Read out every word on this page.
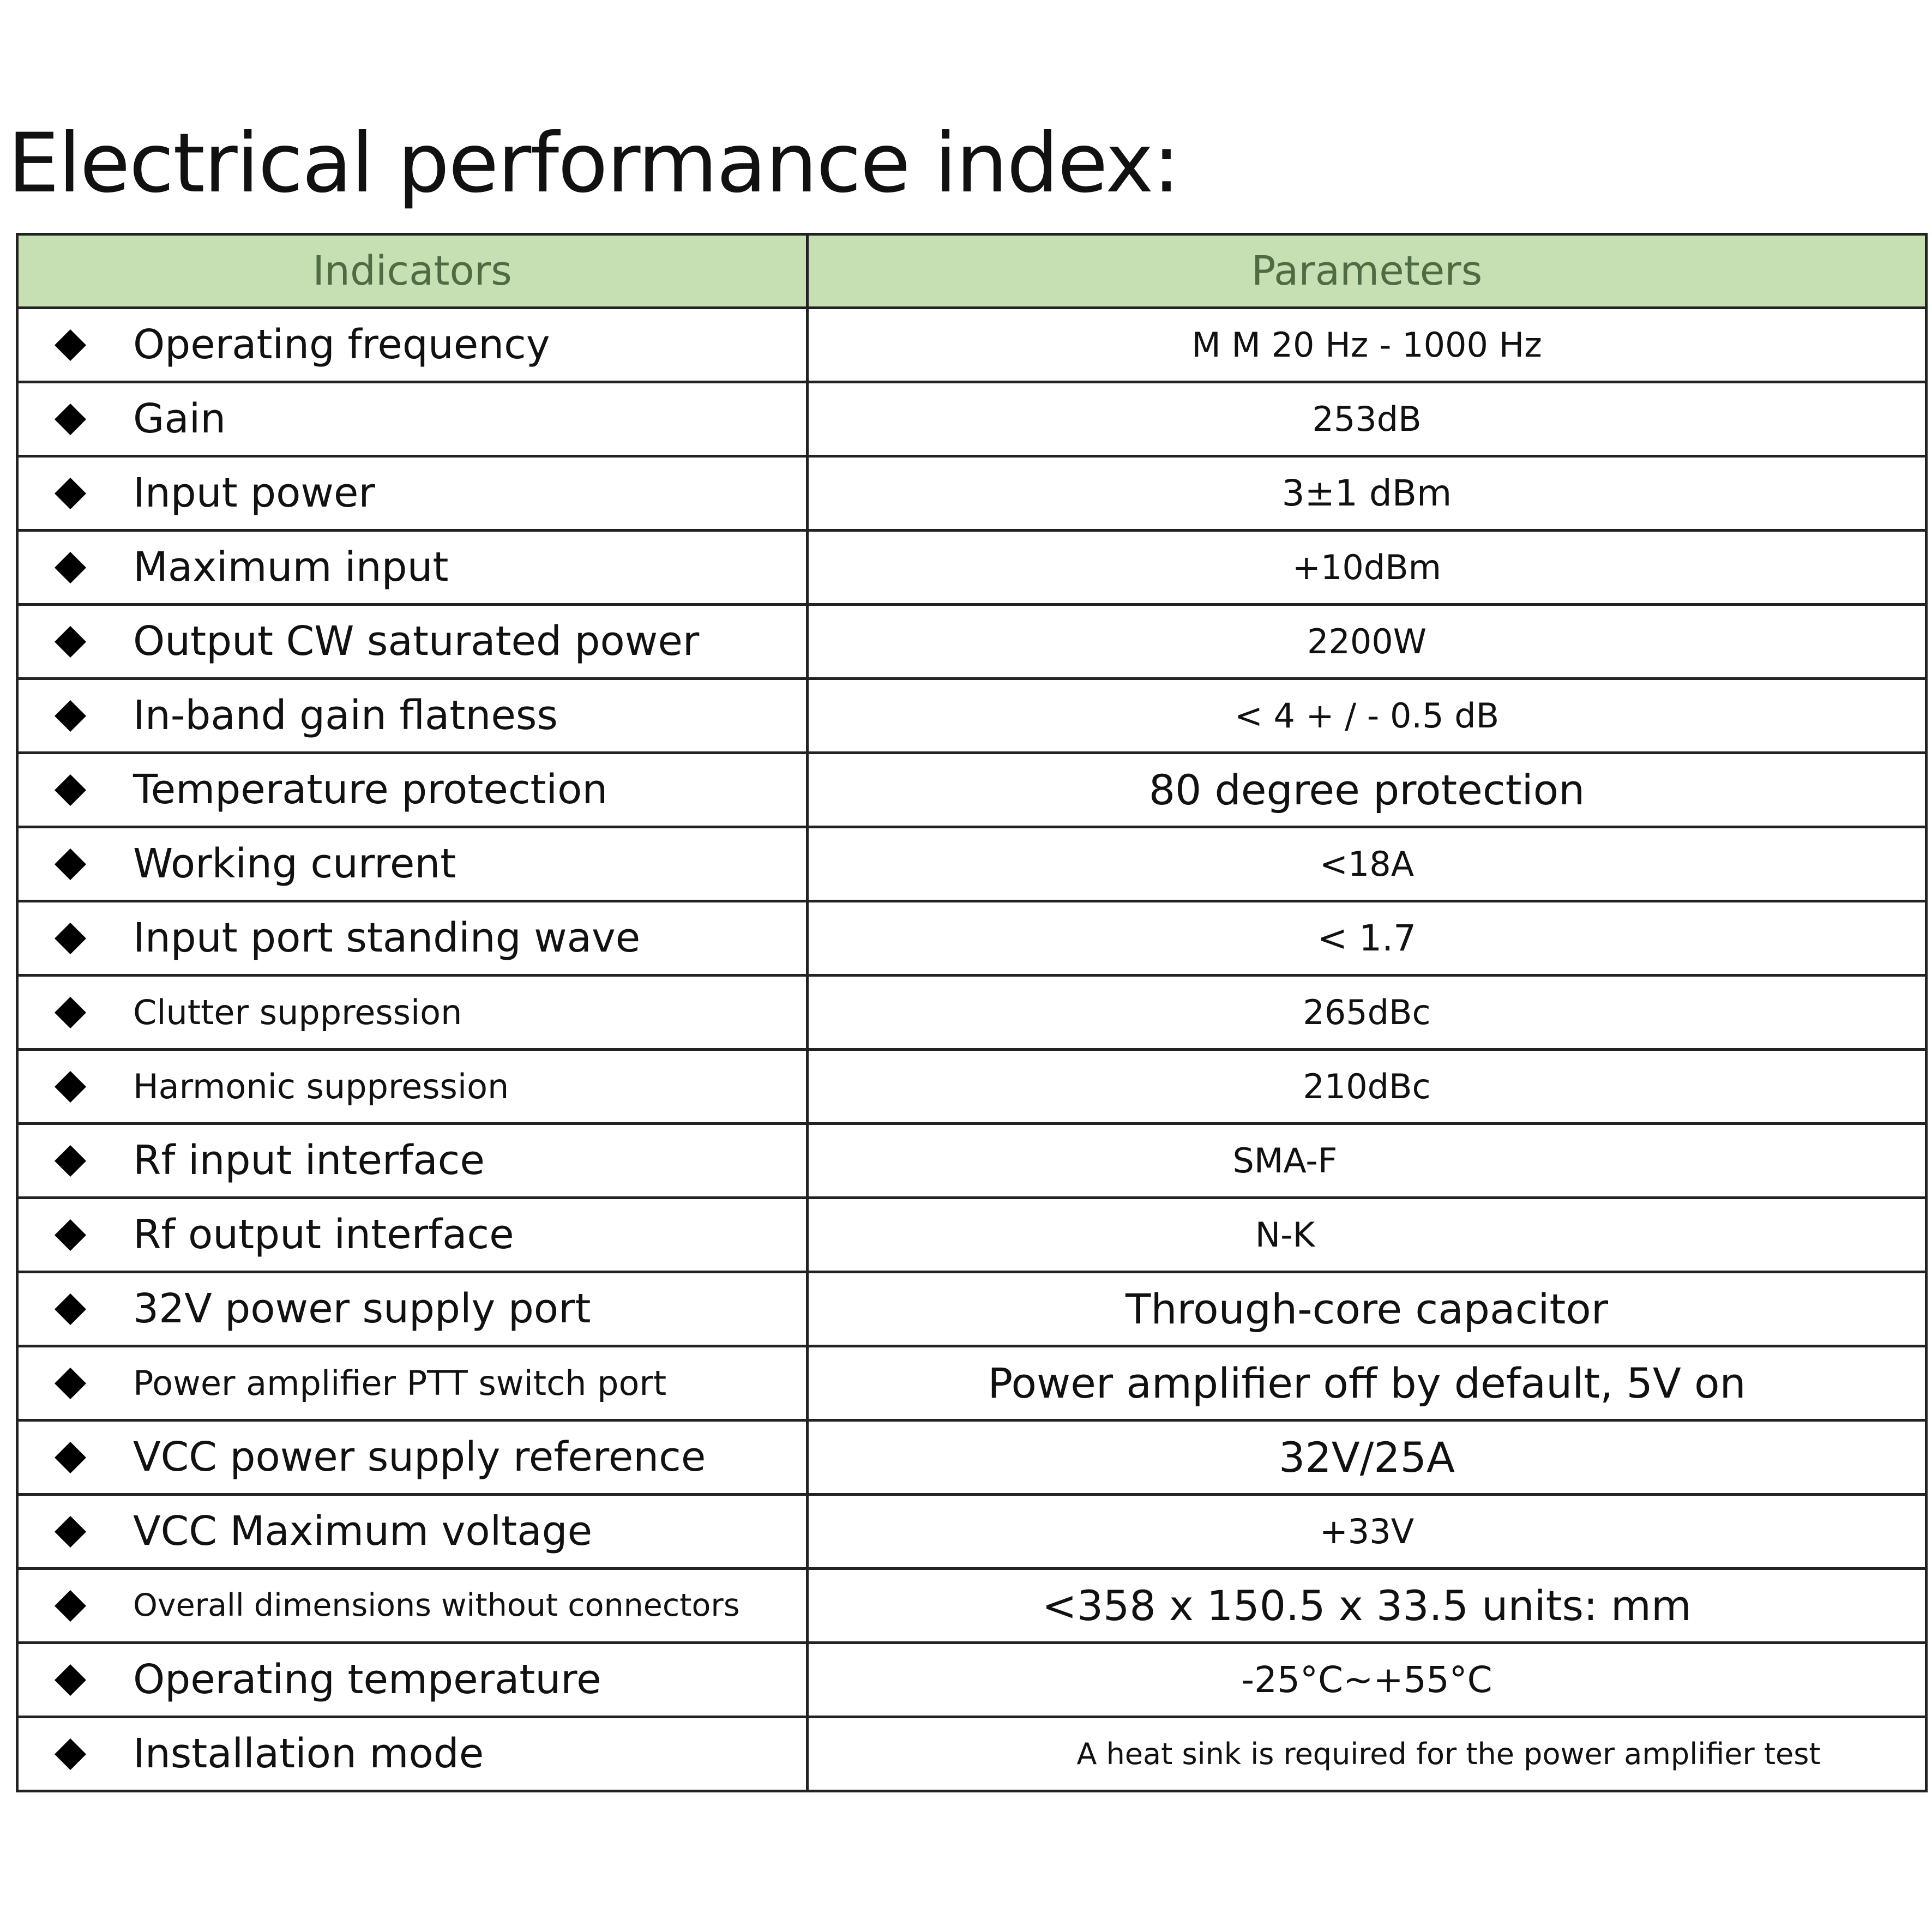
Electrical performance index:
Indicators	Parameters

Operating frequency	M M 20 Hz - 1000 Hz

Gain	253dB

Input power	3±1 dBm

Maximum input	+10dBm

Output CW saturated power	2200W

In-band gain flatness	< 4 + / - 0.5 dB

Temperature protection	80 degree protection

Working current	<18A

Input port standing wave	< 1.7

Clutter suppression	265dBc

Harmonic suppression	210dBc

Rf input interface	SMA-F

Rf output interface	N-K

32V power supply port	Through-core capacitor

Power amplifier PTT switch port	Power amplifier off by default, 5V on

VCC power supply reference	32V/25A

VCC Maximum voltage	+33V

Overall dimensions without connectors	<358 x 150.5 x 33.5 units: mm

Operating temperature	-25°C~+55°C

Installation mode	A heat sink is required for the power amplifier test
